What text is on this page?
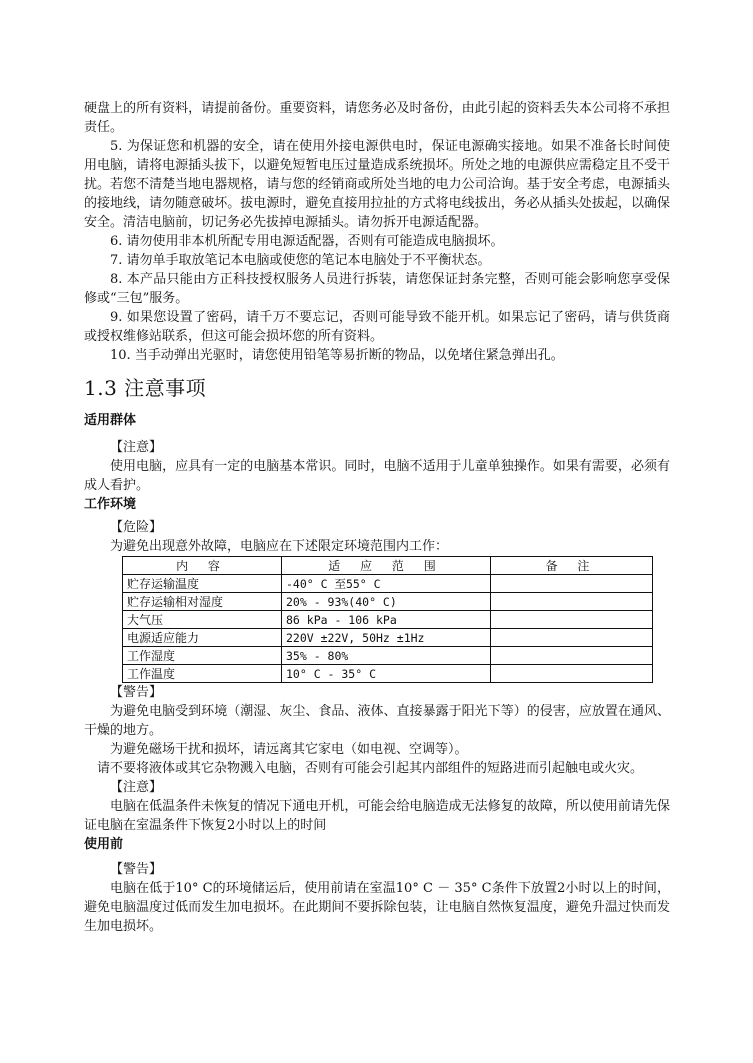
硬盘上的所有资料，请提前备份。重要资料，请您务必及时备份，由此引起的资料丢失本公司将不承担责任。

5. 为保证您和机器的安全，请在使用外接电源供电时，保证电源确实接地。如果不准备长时间使用电脑，请将电源插头拔下，以避免短暂电压过量造成系统损坏。所处之地的电源供应需稳定且不受干扰。若您不清楚当地电器规格，请与您的经销商或所处当地的电力公司洽询。基于安全考虑，电源插头的接地线，请勿随意破坏。拔电源时，避免直接用拉扯的方式将电线拔出，务必从插头处拔起，以确保安全。清洁电脑前，切记务必先拔掉电源插头。请勿拆开电源适配器。

6. 请勿使用非本机所配专用电源适配器，否则有可能造成电脑损坏。

7. 请勿单手取放笔记本电脑或使您的笔记本电脑处于不平衡状态。

8. 本产品只能由方正科技授权服务人员进行拆装，请您保证封条完整，否则可能会影响您享受保修或“三包”服务。

9. 如果您设置了密码，请千万不要忘记，否则可能导致不能开机。如果忘记了密码，请与供货商或授权维修站联系，但这可能会损坏您的所有资料。

10. 当手动弹出光驱时，请您使用铅笔等易折断的物品，以免堵住紧急弹出孔。

1.3 注意事项

适用群体

【注意】

使用电脑，应具有一定的电脑基本常识。同时，电脑不适用于儿童单独操作。如果有需要，必须有成人看护。

工作环境

【危险】

为避免出现意外故障，电脑应在下述限定环境范围内工作：

内 容	适 应 范 围	备 注
贮存运输温度	-40° C 至55° C	
贮存运输相对湿度	20% - 93%(40° C)	
大气压	86 kPa - 106 kPa	
电源适应能力	220V ±22V, 50Hz ±1Hz	
工作湿度	35% - 80%	
工作温度	10° C - 35° C	

【警告】

为避免电脑受到环境（潮湿、灰尘、食品、液体、直接暴露于阳光下等）的侵害，应放置在通风、干燥的地方。

为避免磁场干扰和损坏，请远离其它家电（如电视、空调等）。

请不要将液体或其它杂物溅入电脑，否则有可能会引起其内部组件的短路进而引起触电或火灾。

【注意】

电脑在低温条件未恢复的情况下通电开机，可能会给电脑造成无法修复的故障，所以使用前请先保证电脑在室温条件下恢复2小时以上的时间

使用前

【警告】

电脑在低于10° C的环境储运后，使用前请在室温10° C － 35° C条件下放置2小时以上的时间，避免电脑温度过低而发生加电损坏。在此期间不要拆除包装，让电脑自然恢复温度，避免升温过快而发生加电损坏。
